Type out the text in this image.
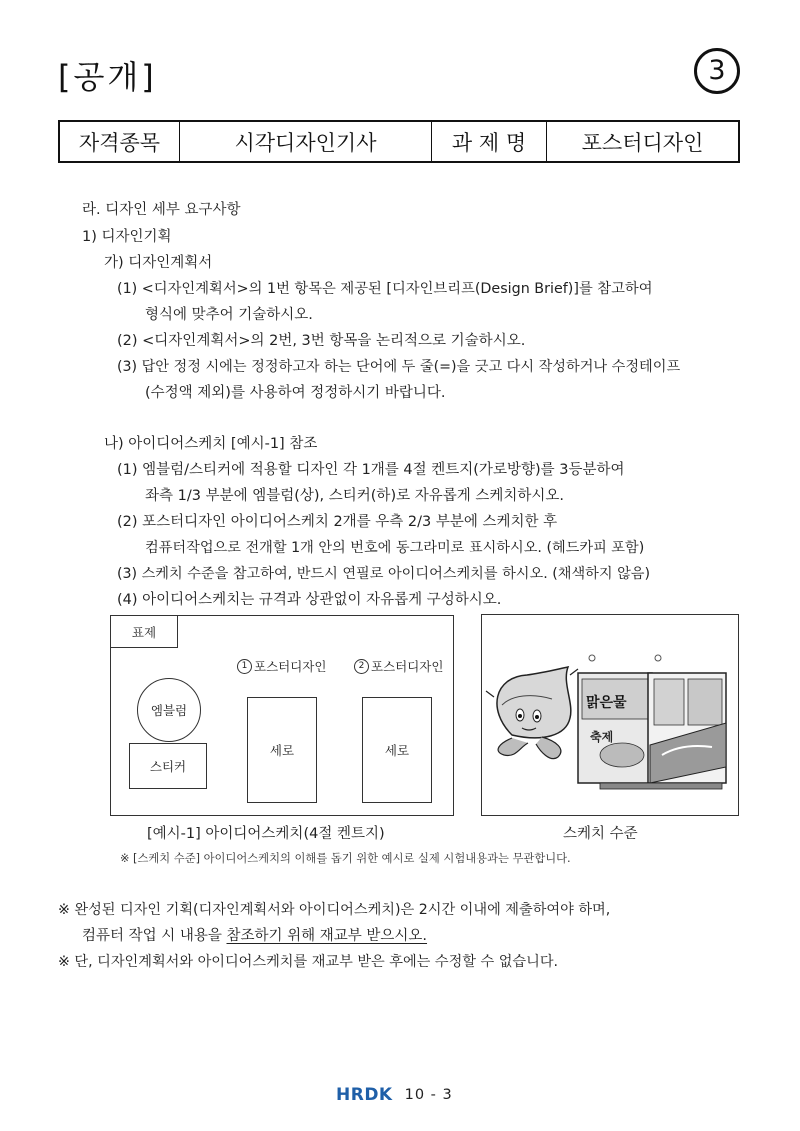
[공개]	3
자격종목	시각디자인기사	과 제 명	포스터디자인
라. 디자인 세부 요구사항
1) 디자인기획
가) 디자인계획서
(1) <디자인계획서>의 1번 항목은 제공된 [디자인브리프(Design Brief)]를 참고하여
형식에 맞추어 기술하시오.
(2) <디자인계획서>의 2번, 3번 항목을 논리적으로 기술하시오.
(3) 답안 정정 시에는 정정하고자 하는 단어에 두 줄(=)을 긋고 다시 작성하거나 수정테이프
(수정액 제외)를 사용하여 정정하시기 바랍니다.
나) 아이디어스케치 [예시-1] 참조
(1) 엠블럼/스티커에 적용할 디자인 각 1개를 4절 켄트지(가로방향)를 3등분하여
좌측 1/3 부분에 엠블럼(상), 스티커(하)로 자유롭게 스케치하시오.
(2) 포스터디자인 아이디어스케치 2개를 우측 2/3 부분에 스케치한 후
컴퓨터작업으로 전개할 1개 안의 번호에 동그라미로 표시하시오. (헤드카피 포함)
(3) 스케치 수준을 참고하여, 반드시 연필로 아이디어스케치를 하시오. (채색하지 않음)
(4) 아이디어스케치는 규격과 상관없이 자유롭게 구성하시오.
표제
엠블럼
스티커
1 포스터디자인	2 포스터디자인
세로	세로
맑은물
축제
[예시-1] 아이디어스케치(4절 켄트지)	스케치 수준
※ [스케치 수준] 아이디어스케치의 이해를 돕기 위한 예시로 실제 시험내용과는 무관합니다.
※ 완성된 디자인 기획(디자인계획서와 아이디어스케치)은 2시간 이내에 제출하여야 하며,
컴퓨터 작업 시 내용을 참조하기 위해 재교부 받으시오.
※ 단, 디자인계획서와 아이디어스케치를 재교부 받은 후에는 수정할 수 없습니다.
HRDK 10 - 3
